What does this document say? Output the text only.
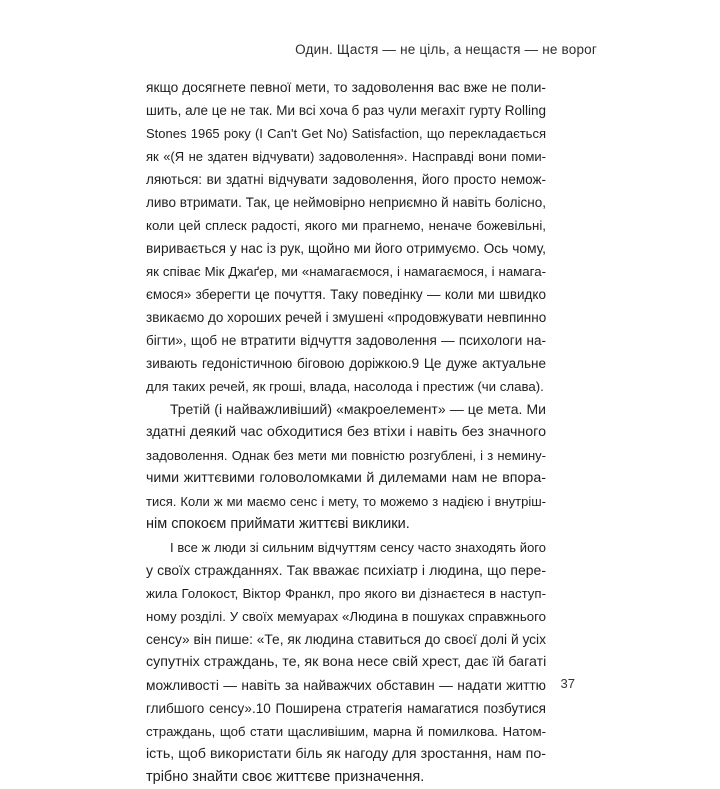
Один. Щастя — не ціль, а нещастя — не ворог
якщо досягнете певної мети, то задоволення вас вже не поли-
шить, але це не так. Ми всі хоча б раз чули мегахіт гурту Rolling
Stones 1965 року (I Can't Get No) Satisfaction, що перекладається
як «(Я не здатен відчувати) задоволення». Насправді вони поми-
ляються: ви здатні відчувати задоволення, його просто немож-
ливо втримати. Так, це неймовірно неприємно й навіть болісно,
коли цей сплеск радості, якого ми прагнемо, неначе божевільні,
виривається у нас із рук, щойно ми його отримуємо. Ось чому,
як співає Мік Джаґер, ми «намагаємося, і намагаємося, і намага-
ємося» зберегти це почуття. Таку поведінку — коли ми швидко
звикаємо до хороших речей і змушені «продовжувати невпинно
бігти», щоб не втратити відчуття задоволення — психологи на-
зивають гедоністичною біговою доріжкою.9 Це дуже актуальне
для таких речей, як гроші, влада, насолода і престиж (чи слава).
Третій (і найважливіший) «макроелемент» — це мета. Ми
здатні деякий час обходитися без втіхи і навіть без значного
задоволення. Однак без мети ми повністю розгублені, і з немину-
чими життєвими головоломками й дилемами нам не впора-
тися. Коли ж ми маємо сенс і мету, то можемо з надією і внутріш-
нім спокоєм приймати життєві виклики.
І все ж люди зі сильним відчуттям сенсу часто знаходять його
у своїх стражданнях. Так вважає психіатр і людина, що пере-
жила Голокост, Віктор Франкл, про якого ви дізнаєтеся в наступ-
ному розділі. У своїх мемуарах «Людина в пошуках справжнього
сенсу» він пише: «Те, як людина ставиться до своєї долі й усіх
супутніх страждань, те, як вона несе свій хрест, дає їй багаті
можливості — навіть за найважчих обставин — надати життю
глибшого сенсу».10 Поширена стратегія намагатися позбутися
страждань, щоб стати щасливішим, марна й помилкова. Натом-
ість, щоб використати біль як нагоду для зростання, нам по-
трібно знайти своє життєве призначення.
37
